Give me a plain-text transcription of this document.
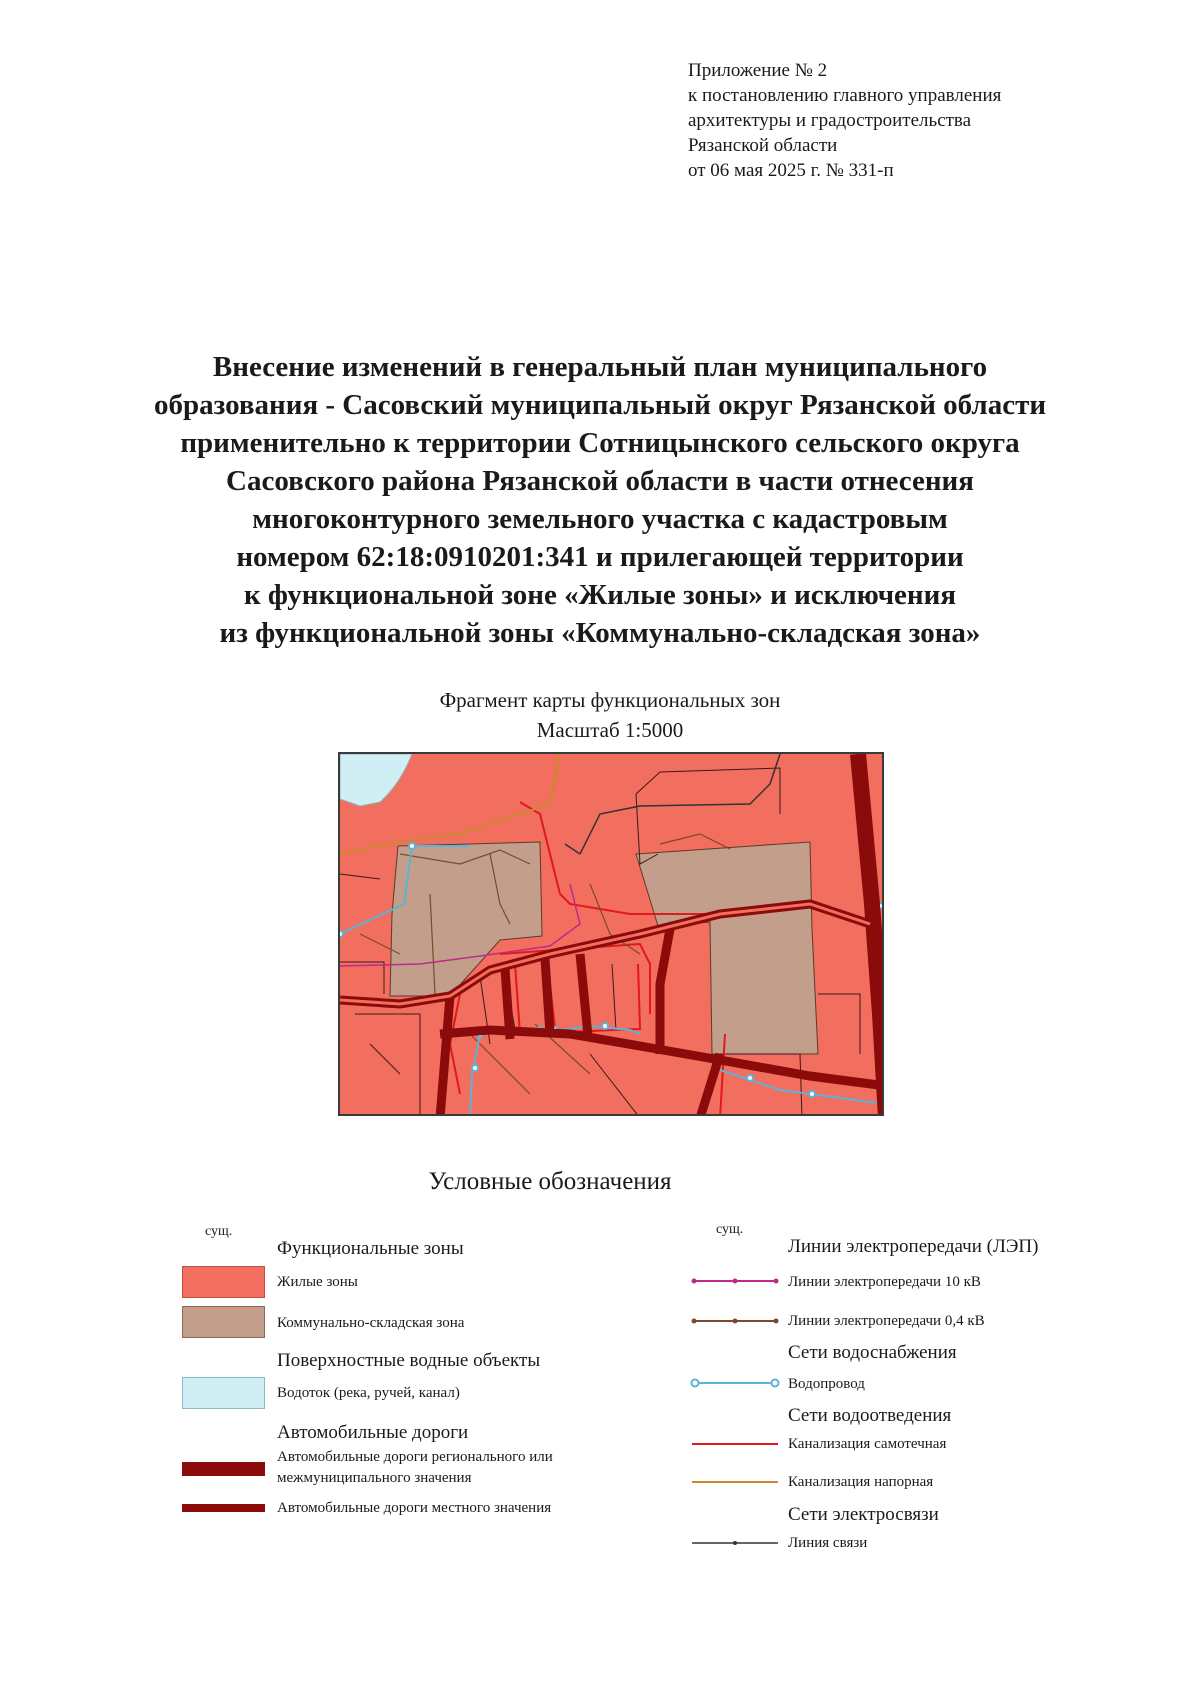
Приложение № 2
к постановлению главного управления
архитектуры и градостроительства
Рязанской области
от 06 мая 2025 г. № 331-п
Внесение изменений в генеральный план муниципального
образования - Сасовский муниципальный округ Рязанской области
применительно к территории Сотницынского сельского округа
Сасовского района Рязанской области в части отнесения
многоконтурного земельного участка с кадастровым
номером 62:18:0910201:341 и прилегающей территории
к функциональной зоне «Жилые зоны» и исключения
из функциональной зоны «Коммунально-складская зона»
Фрагмент карты функциональных зон
Масштаб 1:5000
Условные обозначения
сущ.
Функциональные зоны
Жилые зоны
Коммунально-складская зона
Поверхностные водные объекты
Водоток (река, ручей, канал)
Автомобильные дороги
Автомобильные дороги регионального или
межмуниципального значения
Автомобильные дороги местного значения
сущ.
Линии электропередачи (ЛЭП)
Линии электропередачи 10 кВ
Линии электропередачи 0,4 кВ
Сети водоснабжения
Водопровод
Сети водоотведения
Канализация самотечная
Канализация напорная
Сети электросвязи
Линия связи
